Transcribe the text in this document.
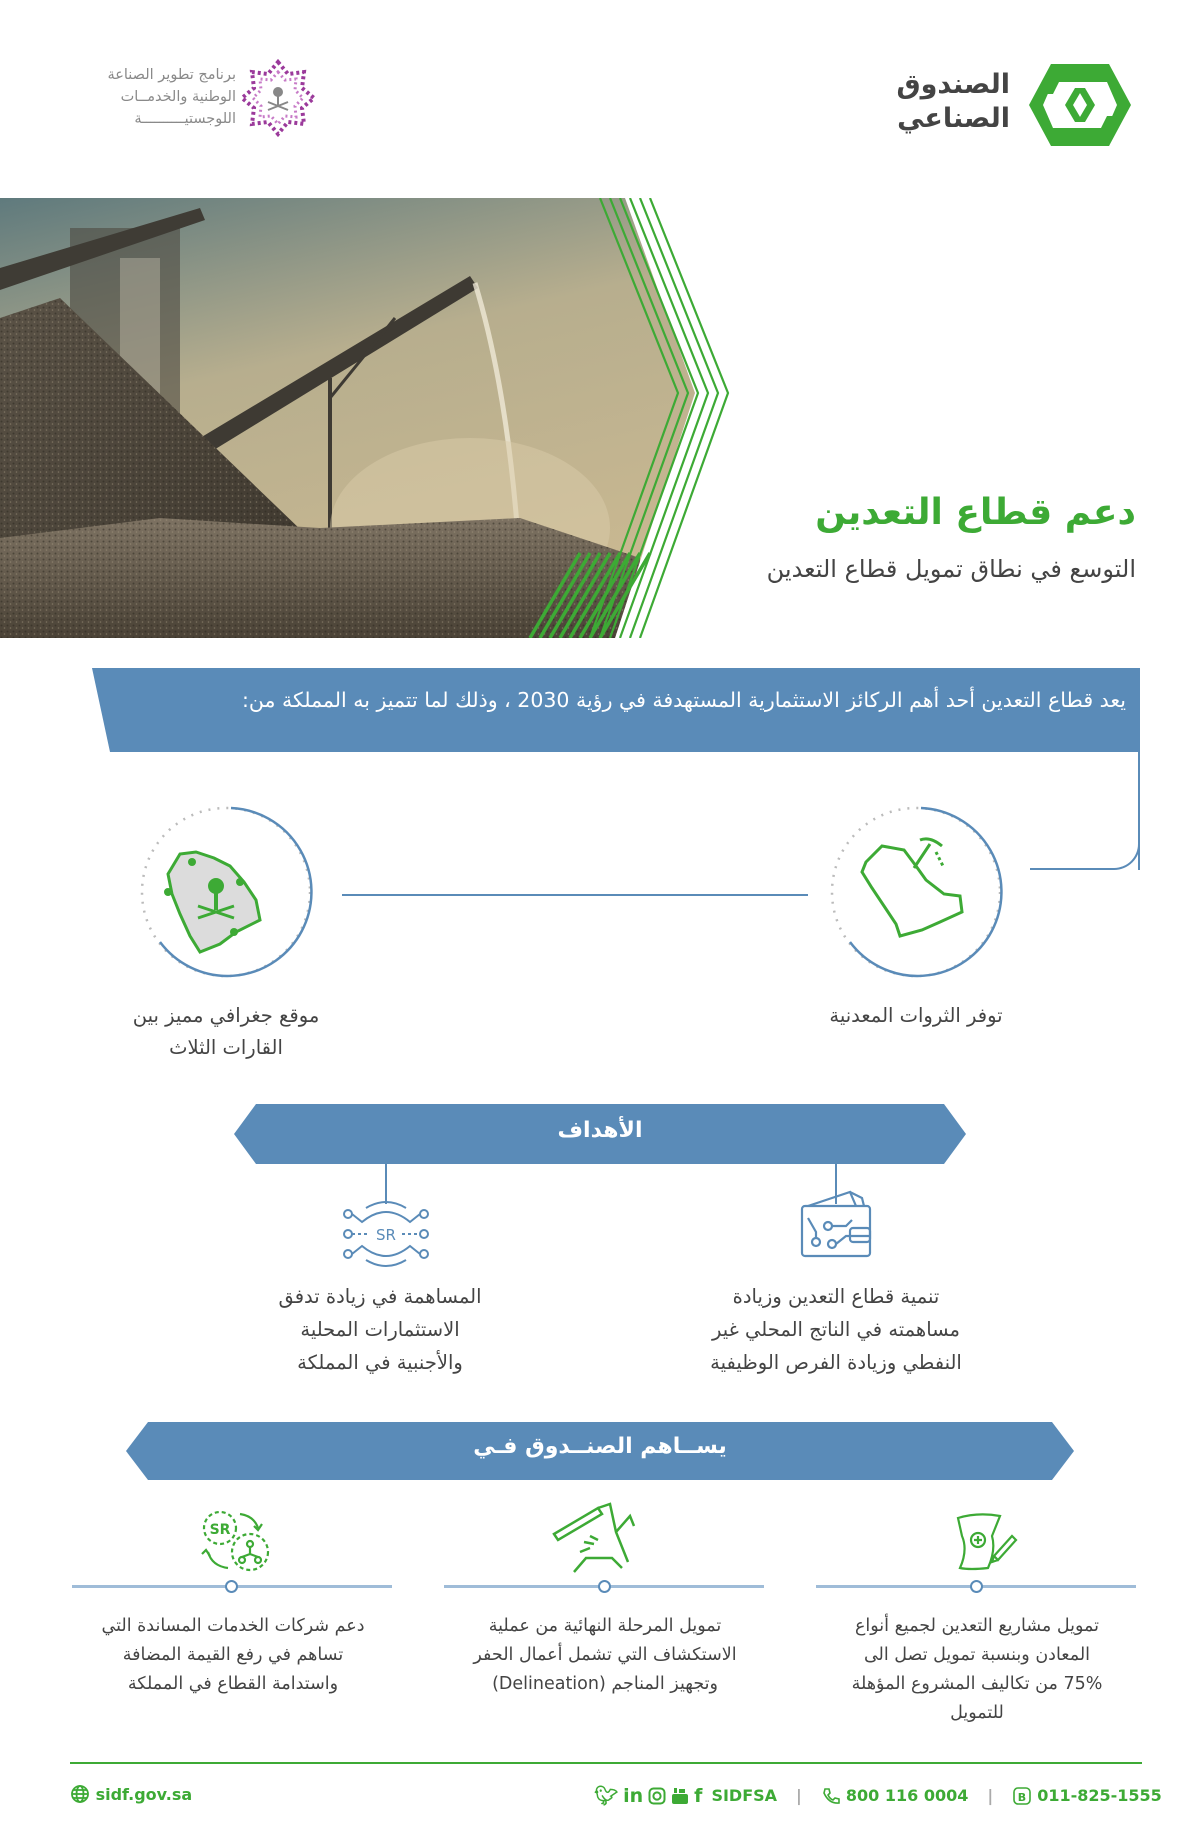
الصندوق
الصناعي
برنامج تطوير الصناعة
الوطنية والخدمــات
اللوجستيــــــــــة
دعم قطاع التعدين
التوسع في نطاق تمويل قطاع التعدين
يعد قطاع التعدين أحد أهم الركائز الاستثمارية المستهدفة في رؤية 2030 ، وذلك لما تتميز به المملكة من:
توفر الثروات المعدنية
موقع جغرافي مميز بين
القارات الثلاث
الأهداف
SR
تنمية قطاع التعدين وزيادة
مساهمته في الناتج المحلي غير
النفطي وزيادة الفرص الوظيفية
المساهمة في زيادة تدفق
الاستثمارات المحلية
والأجنبية في المملكة
يســاهم الصنــدوق فـي
SR
تمويل مشاريع التعدين لجميع أنواع
المعادن وبنسبة تمويل تصل الى
75% من تكاليف المشروع المؤهلة
للتمويل
تمويل المرحلة النهائية من عملية
الاستكشاف التي تشمل أعمال الحفر
وتجهيز المناجم (Delineation)
دعم شركات الخدمات المساندة التي
تساهم في رفع القيمة المضافة
واستدامة القطاع في المملكة
sidf.gov.sa	🐦︎ in	f SIDFSA |	800 116 0004 | B 011-825-1555
